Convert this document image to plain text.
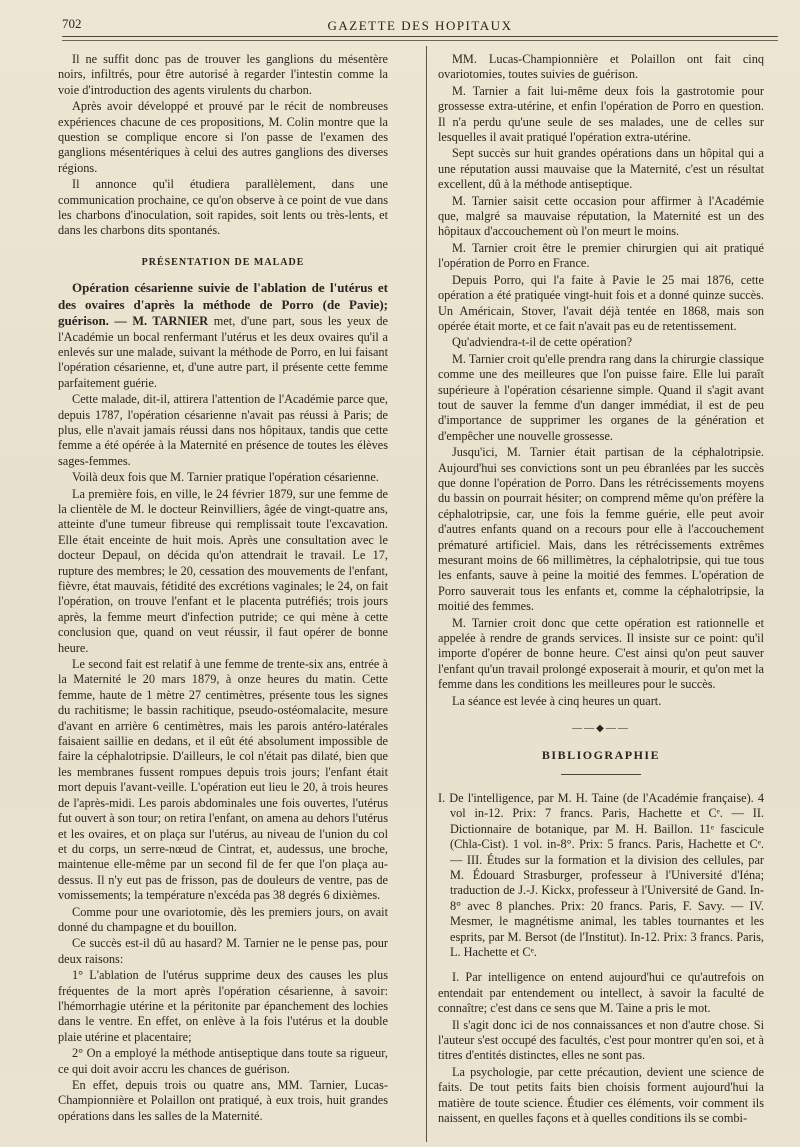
702	GAZETTE DES HOPITAUX

Il ne suffit donc pas de trouver les ganglions du mésentère noirs, infiltrés, pour être autorisé à regarder l'intestin comme la voie d'introduction des agents virulents du charbon.

Après avoir développé et prouvé par le récit de nombreuses expériences chacune de ces propositions, M. Colin montre que la question se complique encore si l'on passe de l'examen des ganglions mésentériques à celui des autres ganglions des diverses régions.

Il annonce qu'il étudiera parallèlement, dans une communication prochaine, ce qu'on observe à ce point de vue dans les charbons d'inoculation, soit rapides, soit lents ou très-lents, et dans les charbons dits spontanés.

PRÉSENTATION DE MALADE

Opération césarienne suivie de l'ablation de l'utérus et des ovaires d'après la méthode de Porro (de Pavie); guérison. — M. TARNIER met, d'une part, sous les yeux de l'Académie un bocal renfermant l'utérus et les deux ovaires qu'il a enlevés sur une malade, suivant la méthode de Porro, en lui faisant l'opération césarienne, et, d'une autre part, il présente cette femme parfaitement guérie.

Cette malade, dit-il, attirera l'attention de l'Académie parce que, depuis 1787, l'opération césarienne n'avait pas réussi à Paris; de plus, elle n'avait jamais réussi dans nos hôpitaux, tandis que cette femme a été opérée à la Maternité en présence de toutes les élèves sages-femmes.

Voilà deux fois que M. Tarnier pratique l'opération césarienne.

La première fois, en ville, le 24 février 1879, sur une femme de la clientèle de M. le docteur Reinvilliers, âgée de vingt-quatre ans, atteinte d'une tumeur fibreuse qui remplissait toute l'excavation. Elle était enceinte de huit mois. Après une consultation avec le docteur Depaul, on décida qu'on attendrait le travail. Le 17, rupture des membres; le 20, cessation des mouvements de l'enfant, fièvre, état mauvais, fétidité des excrétions vaginales; le 24, on fait l'opération, on trouve l'enfant et le placenta putréfiés; trois jours après, la femme meurt d'infection putride; ce qui mène à cette conclusion que, quand on veut réussir, il faut opérer de bonne heure.

Le second fait est relatif à une femme de trente-six ans, entrée à la Maternité le 20 mars 1879, à onze heures du matin. Cette femme, haute de 1 mètre 27 centimètres, présente tous les signes du rachitisme; le bassin rachitique, pseudo-ostéomalacite, mesure d'avant en arrière 6 centimètres, mais les parois antéro-latérales faisaient saillie en dedans, et il eût été absolument impossible de faire la céphalotripsie. D'ailleurs, le col n'était pas dilaté, bien que les membranes fussent rompues depuis trois jours; l'enfant était mort depuis l'avant-veille. L'opération eut lieu le 20, à trois heures de l'après-midi. Les parois abdominales une fois ouvertes, l'utérus fut ouvert à son tour; on retira l'enfant, on amena au dehors l'utérus et les ovaires, et on plaça sur l'utérus, au niveau de l'union du col et du corps, un serre-nœud de Cintrat, et, audessus, une broche, maintenue elle-même par un second fil de fer que l'on plaça au-dessus. Il n'y eut pas de frisson, pas de douleurs de ventre, pas de vomissements; la température n'excéda pas 38 degrés 6 dixièmes.

Comme pour une ovariotomie, dès les premiers jours, on avait donné du champagne et du bouillon.

Ce succès est-il dû au hasard? M. Tarnier ne le pense pas, pour deux raisons:

1° L'ablation de l'utérus supprime deux des causes les plus fréquentes de la mort après l'opération césarienne, à savoir: l'hémorrhagie utérine et la péritonite par épanchement des lochies dans le ventre. En effet, on enlève à la fois l'utérus et la double plaie utérine et placentaire;

2° On a employé la méthode antiseptique dans toute sa rigueur, ce qui doit avoir accru les chances de guérison.

En effet, depuis trois ou quatre ans, MM. Tarnier, Lucas-Championnière et Polaillon ont pratiqué, à eux trois, huit grandes opérations dans les salles de la Maternité.

MM. Lucas-Championnière et Polaillon ont fait cinq ovariotomies, toutes suivies de guérison.

M. Tarnier a fait lui-même deux fois la gastrotomie pour grossesse extra-utérine, et enfin l'opération de Porro en question. Il n'a perdu qu'une seule de ses malades, une de celles sur lesquelles il avait pratiqué l'opération extra-utérine.

Sept succès sur huit grandes opérations dans un hôpital qui a une réputation aussi mauvaise que la Maternité, c'est un résultat excellent, dû à la méthode antiseptique.

M. Tarnier saisit cette occasion pour affirmer à l'Académie que, malgré sa mauvaise réputation, la Maternité est un des hôpitaux d'accouchement où l'on meurt le moins.

M. Tarnier croit être le premier chirurgien qui ait pratiqué l'opération de Porro en France.

Depuis Porro, qui l'a faite à Pavie le 25 mai 1876, cette opération a été pratiquée vingt-huit fois et a donné quinze succès. Un Américain, Stover, l'avait déjà tentée en 1868, mais son opérée était morte, et ce fait n'avait pas eu de retentissement.

Qu'adviendra-t-il de cette opération?

M. Tarnier croit qu'elle prendra rang dans la chirurgie classique comme une des meilleures que l'on puisse faire. Elle lui paraît supérieure à l'opération césarienne simple. Quand il s'agit avant tout de sauver la femme d'un danger immédiat, il est de peu d'importance de supprimer les organes de la génération et d'empêcher une nouvelle grossesse.

Jusqu'ici, M. Tarnier était partisan de la céphalotripsie. Aujourd'hui ses convictions sont un peu ébranlées par les succès que donne l'opération de Porro. Dans les rétrécissements moyens du bassin on pourrait hésiter; on comprend même qu'on préfère la céphalotripsie, car, une fois la femme guérie, elle peut avoir d'autres enfants quand on a recours pour elle à l'accouchement prématuré artificiel. Mais, dans les rétrécissements extrêmes mesurant moins de 66 millimètres, la céphalotripsie, qui tue tous les enfants, sauve à peine la moitié des femmes. L'opération de Porro sauverait tous les enfants et, comme la céphalotripsie, la moitié des femmes.

M. Tarnier croit donc que cette opération est rationnelle et appelée à rendre de grands services. Il insiste sur ce point: qu'il importe d'opérer de bonne heure. C'est ainsi qu'on peut sauver l'enfant qu'un travail prolongé exposerait à mourir, et qu'on met la femme dans les conditions les meilleures pour le succès.

La séance est levée à cinq heures un quart.

——◆——
BIBLIOGRAPHIE

I. De l'intelligence, par M. H. Taine (de l'Académie française). 4 vol in-12. Prix: 7 francs. Paris, Hachette et Cᵉ. — II. Dictionnaire de botanique, par M. H. Baillon. 11ᵉ fascicule (Chla-Cist). 1 vol. in-8°. Prix: 5 francs. Paris, Hachette et Cᵉ. — III. Études sur la formation et la division des cellules, par M. Édouard Strasburger, professeur à l'Université d'Iéna; traduction de J.-J. Kickx, professeur à l'Université de Gand. In-8° avec 8 planches. Prix: 20 francs. Paris, F. Savy. — IV. Mesmer, le magnétisme animal, les tables tournantes et les esprits, par M. Bersot (de l'Institut). In-12. Prix: 3 francs. Paris, L. Hachette et Cᵉ.

I. Par intelligence on entend aujourd'hui ce qu'autrefois on entendait par entendement ou intellect, à savoir la faculté de connaître; c'est dans ce sens que M. Taine a pris le mot.

Il s'agit donc ici de nos connaissances et non d'autre chose. Si l'auteur s'est occupé des facultés, c'est pour montrer qu'en soi, et à titres d'entités distinctes, elles ne sont pas.

La psychologie, par cette précaution, devient une science de faits. De tout petits faits bien choisis forment aujourd'hui la matière de toute science. Étudier ces éléments, voir comment ils naissent, en quelles façons et à quelles conditions ils se combi-
